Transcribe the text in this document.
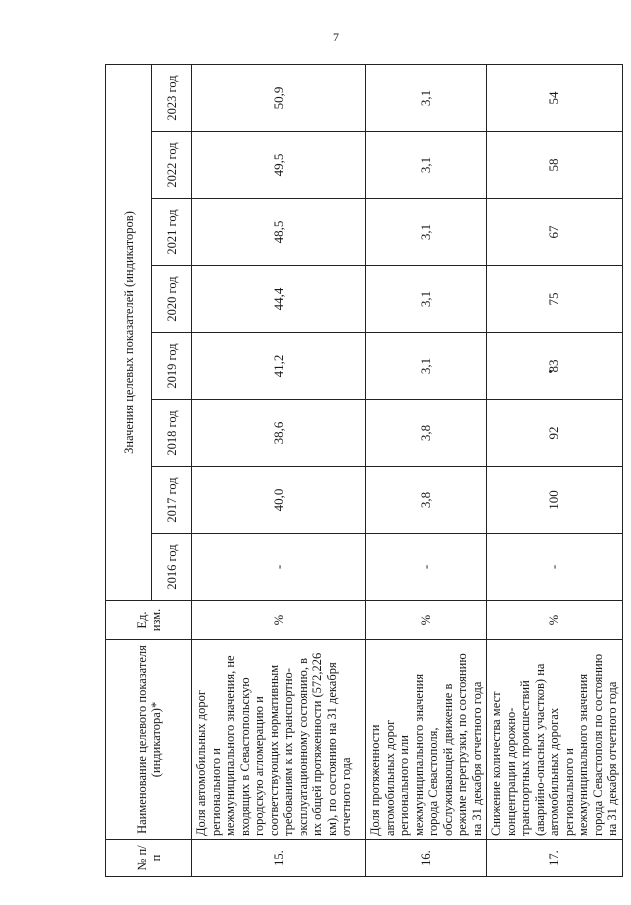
7
№ п/п	Наименование целевого показателя (индикатора)*	Ед. изм.	Значения целевых показателей (индикаторов)							
			2016 год	2017 год	2018 год	2019 год	2020 год	2021 год	2022 год	2023 год
15.	Доля автомобильных дорог регионального и межмуниципального значения, не входящих в Севастопольскую городскую агломерацию и соответствующих нормативным требованиям к их транспортно-эксплуатационному состоянию, в их общей протяженности (572,226 км), по состоянию на 31 декабря отчетного года	%	-	40,0	38,6	41,2	44,4	48,5	49,5	50,9
16.	Доля протяженности автомобильных дорог регионального или межмуниципального значения города Севастополя, обслуживающей движение в режиме перегрузки, по состоянию на 31 декабря отчетного года	%	-	3,8	3,8	3,1	3,1	3,1	3,1	3,1
17.	Снижение количества мест концентрации дорожно-транспортных происшествий (аварийно-опасных участков) на автомобильных дорогах регионального и межмуниципального значения города Севастополя по состоянию на 31 декабря отчетного года	%	-	100	92	83	75	67	58	54
